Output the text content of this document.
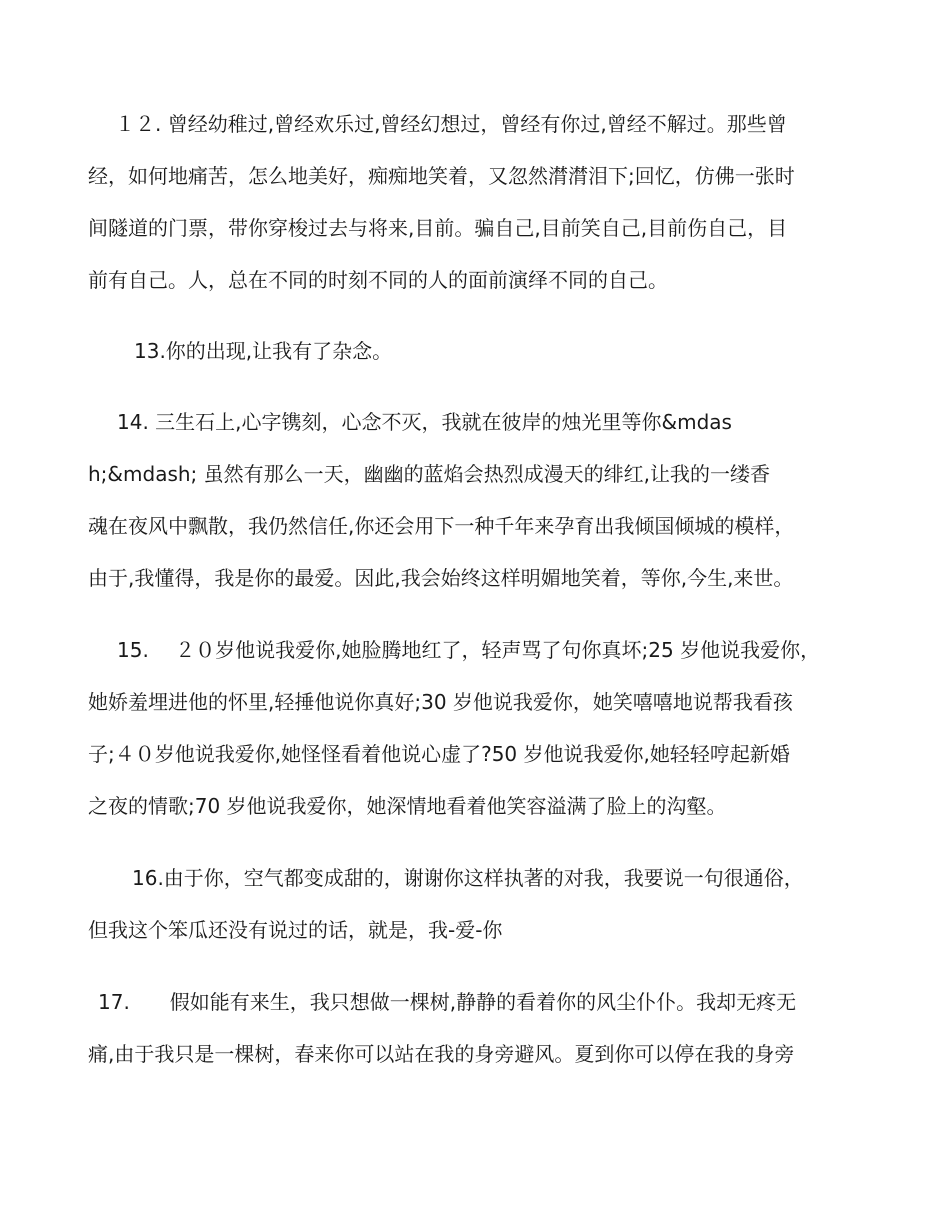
１２. 曾经幼稚过,曾经欢乐过,曾经幻想过，曾经有你过,曾经不解过。那些曾
经，如何地痛苦，怎么地美好，痴痴地笑着，又忽然潸潸泪下;回忆，仿佛一张时
间隧道的门票，带你穿梭过去与将来,目前。骗自己,目前笑自己,目前伤自己，目
前有自己。人，总在不同的时刻不同的人的面前演绎不同的自己。
13.你的出现,让我有了杂念。
14. 三生石上,心字镌刻，心念不灭，我就在彼岸的烛光里等你&mdas
h;&mdash; 虽然有那么一天，幽幽的蓝焰会热烈成漫天的绯红,让我的一缕香
魂在夜风中飘散，我仍然信任,你还会用下一种千年来孕育出我倾国倾城的模样，
由于,我懂得，我是你的最爱。因此,我会始终这样明媚地笑着，等你,今生,来世。
15.　 ２０岁他说我爱你,她脸腾地红了，轻声骂了句你真坏;25 岁他说我爱你，
她娇羞埋进他的怀里,轻捶他说你真好;30 岁他说我爱你，她笑嘻嘻地说帮我看孩
子;４０岁他说我爱你,她怪怪看着他说心虚了?50 岁他说我爱你,她轻轻哼起新婚
之夜的情歌;70 岁他说我爱你，她深情地看着他笑容溢满了脸上的沟壑。
16.由于你，空气都变成甜的，谢谢你这样执著的对我，我要说一句很通俗，
但我这个笨瓜还没有说过的话，就是，我-爱-你
17.　　假如能有来生，我只想做一棵树,静静的看着你的风尘仆仆。我却无疼无
痛,由于我只是一棵树，春来你可以站在我的身旁避风。夏到你可以停在我的身旁
